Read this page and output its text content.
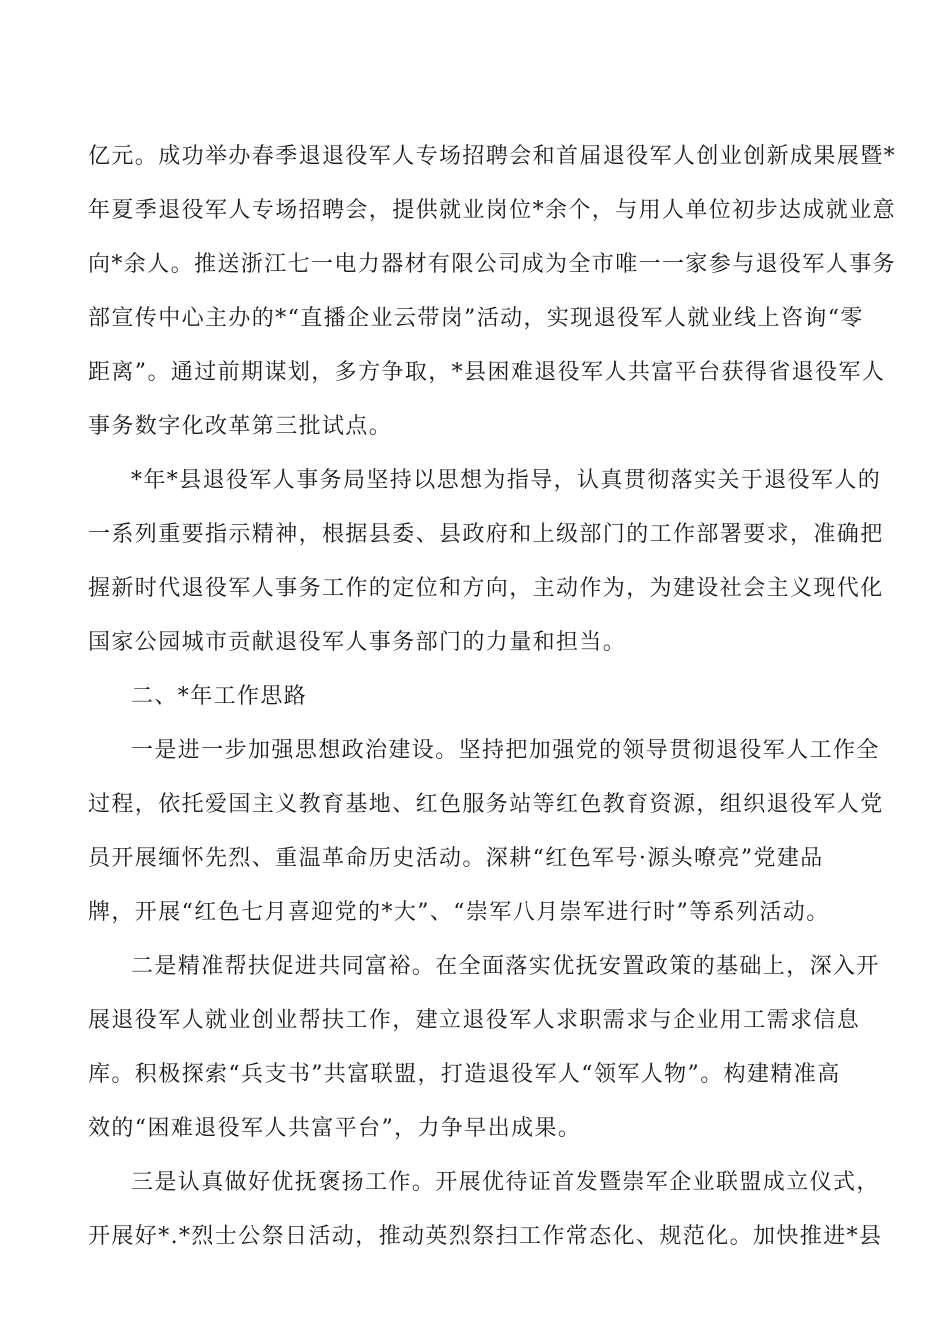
亿元。成功举办春季退退役军人专场招聘会和首届退役军人创业创新成果展暨*
年夏季退役军人专场招聘会，提供就业岗位*余个，与用人单位初步达成就业意
向*余人。推送浙江七一电力器材有限公司成为全市唯一一家参与退役军人事务
部宣传中心主办的*“直播企业云带岗”活动，实现退役军人就业线上咨询“零
距离”。通过前期谋划，多方争取，*县困难退役军人共富平台获得省退役军人
事务数字化改革第三批试点。
*年*县退役军人事务局坚持以思想为指导，认真贯彻落实关于退役军人的
一系列重要指示精神，根据县委、县政府和上级部门的工作部署要求，准确把
握新时代退役军人事务工作的定位和方向，主动作为，为建设社会主义现代化
国家公园城市贡献退役军人事务部门的力量和担当。
二、*年工作思路
一是进一步加强思想政治建设。坚持把加强党的领导贯彻退役军人工作全
过程，依托爱国主义教育基地、红色服务站等红色教育资源，组织退役军人党
员开展缅怀先烈、重温革命历史活动。深耕“红色军号·源头嘹亮”党建品
牌，开展“红色七月喜迎党的*大”、“崇军八月崇军进行时”等系列活动。
二是精准帮扶促进共同富裕。在全面落实优抚安置政策的基础上，深入开
展退役军人就业创业帮扶工作，建立退役军人求职需求与企业用工需求信息
库。积极探索“兵支书”共富联盟，打造退役军人“领军人物”。构建精准高
效的“困难退役军人共富平台”，力争早出成果。
三是认真做好优抚褒扬工作。开展优待证首发暨崇军企业联盟成立仪式，
开展好*.*烈士公祭日活动，推动英烈祭扫工作常态化、规范化。加快推进*县
